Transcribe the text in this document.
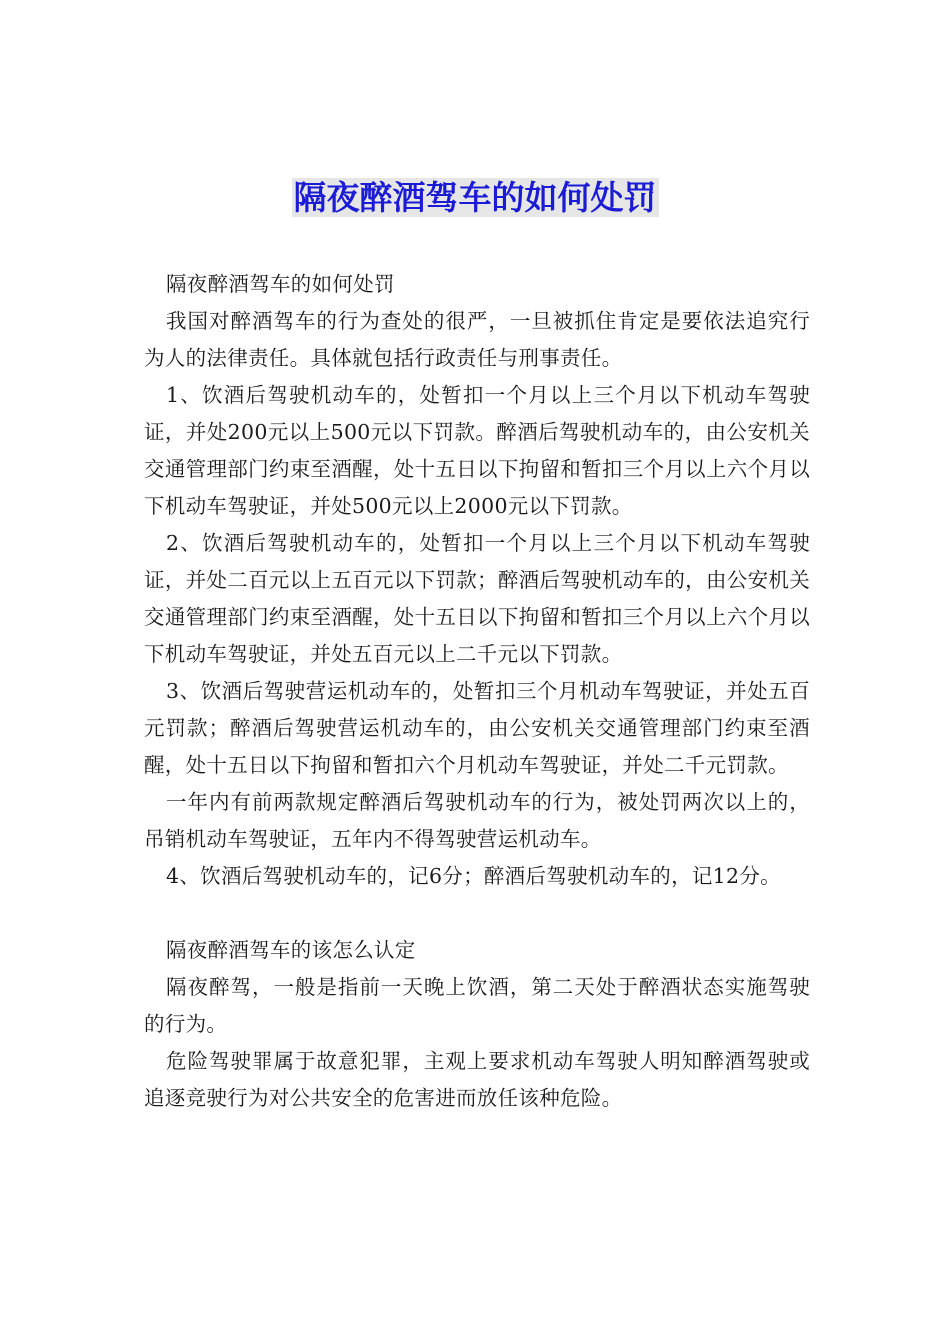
隔夜醉酒驾车的如何处罚

隔夜醉酒驾车的如何处罚

我国对醉酒驾车的行为查处的很严，一旦被抓住肯定是要依法追究行为人的法律责任。具体就包括行政责任与刑事责任。

1、饮酒后驾驶机动车的，处暂扣一个月以上三个月以下机动车驾驶证，并处200元以上500元以下罚款。醉酒后驾驶机动车的，由公安机关交通管理部门约束至酒醒，处十五日以下拘留和暂扣三个月以上六个月以下机动车驾驶证，并处500元以上2000元以下罚款。

2、饮酒后驾驶机动车的，处暂扣一个月以上三个月以下机动车驾驶证，并处二百元以上五百元以下罚款；醉酒后驾驶机动车的，由公安机关交通管理部门约束至酒醒，处十五日以下拘留和暂扣三个月以上六个月以下机动车驾驶证，并处五百元以上二千元以下罚款。

3、饮酒后驾驶营运机动车的，处暂扣三个月机动车驾驶证，并处五百元罚款；醉酒后驾驶营运机动车的，由公安机关交通管理部门约束至酒醒，处十五日以下拘留和暂扣六个月机动车驾驶证，并处二千元罚款。

一年内有前两款规定醉酒后驾驶机动车的行为，被处罚两次以上的，吊销机动车驾驶证，五年内不得驾驶营运机动车。

4、饮酒后驾驶机动车的，记6分；醉酒后驾驶机动车的，记12分。

隔夜醉酒驾车的该怎么认定

隔夜醉驾，一般是指前一天晚上饮酒，第二天处于醉酒状态实施驾驶的行为。

危险驾驶罪属于故意犯罪，主观上要求机动车驾驶人明知醉酒驾驶或追逐竞驶行为对公共安全的危害进而放任该种危险。
